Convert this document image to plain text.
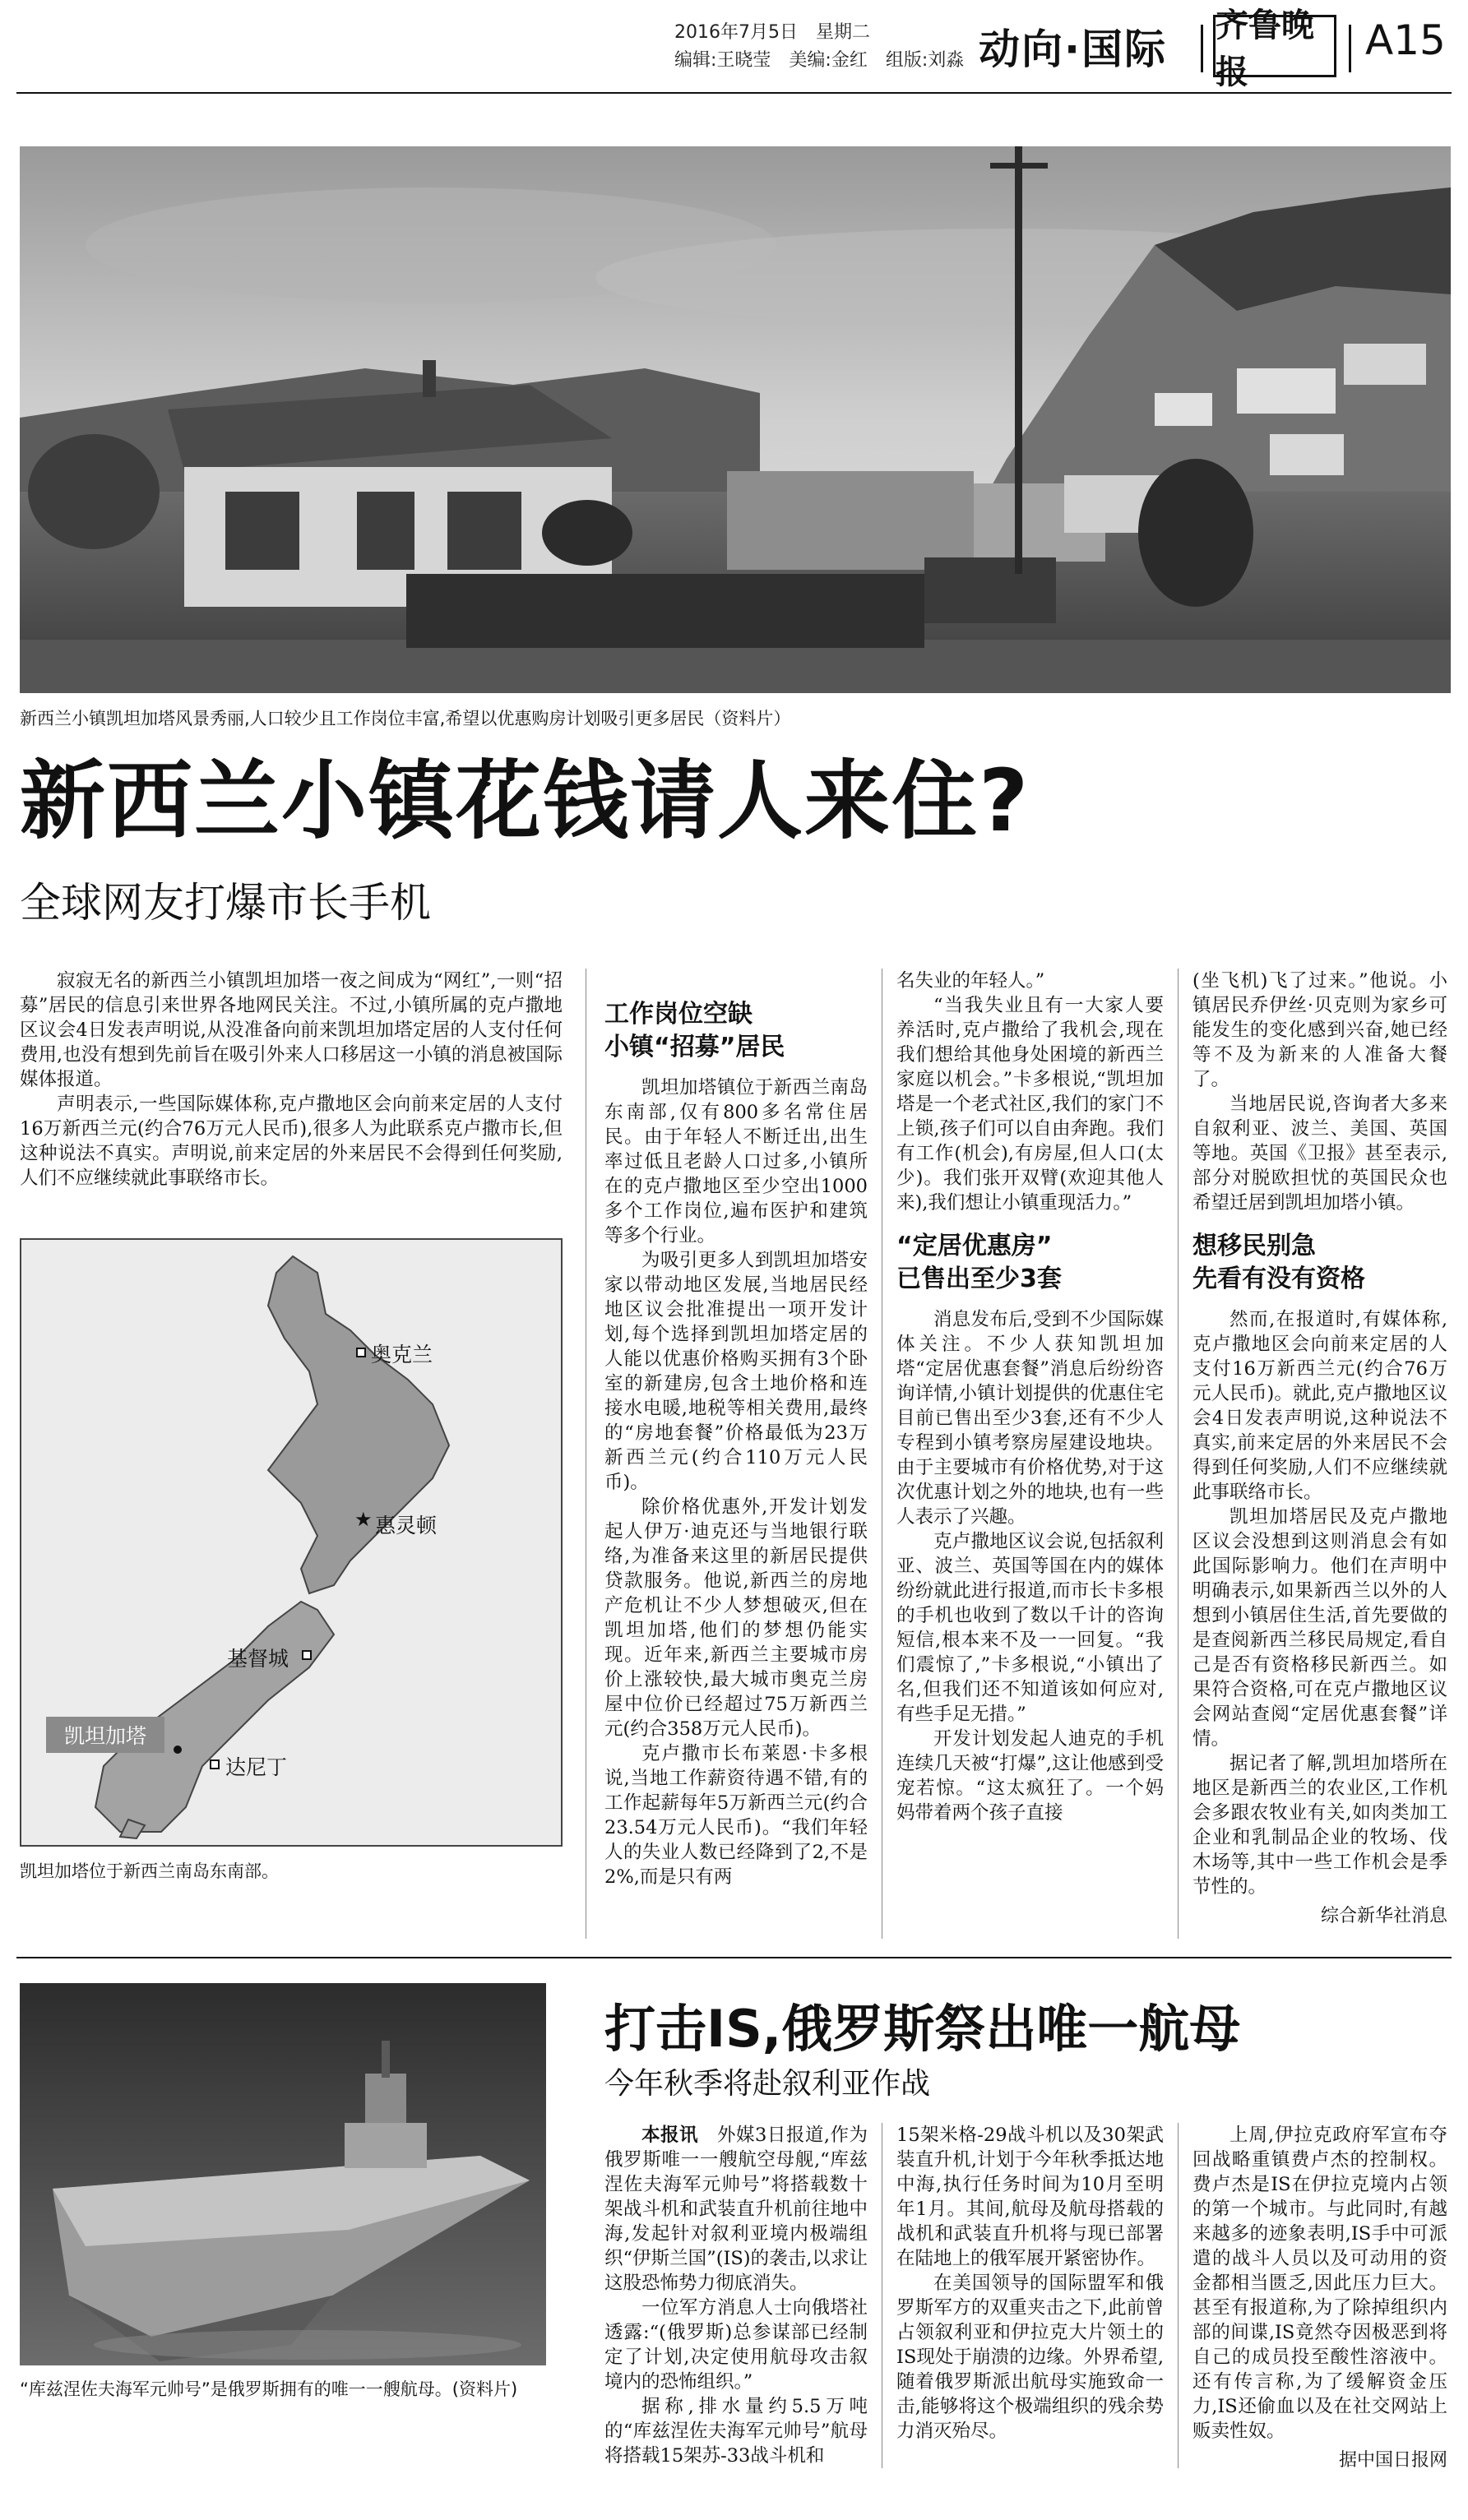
2016年7月5日　星期二
编辑:王晓莹　美编:金红　组版:刘淼 动向·国际
齐鲁晚报
A15
新西兰小镇凯坦加塔风景秀丽,人口较少且工作岗位丰富,希望以优惠购房计划吸引更多居民（资料片）
新西兰小镇花钱请人来住?
全球网友打爆市长手机

寂寂无名的新西兰小镇凯坦加塔一夜之间成为“网红”,一则“招募”居民的信息引来世界各地网民关注。不过,小镇所属的克卢撒地区议会4日发表声明说,从没准备向前来凯坦加塔定居的人支付任何费用,也没有想到先前旨在吸引外来人口移居这一小镇的消息被国际媒体报道。

声明表示,一些国际媒体称,克卢撒地区会向前来定居的人支付16万新西兰元(约合76万元人民币),很多人为此联系克卢撒市长,但这种说法不真实。声明说,前来定居的外来居民不会得到任何奖励,人们不应继续就此事联络市长。

★
奥克兰
惠灵顿
基督城
达尼丁
凯坦加塔
凯坦加塔位于新西兰南岛东南部。
工作岗位空缺
小镇“招募”居民

凯坦加塔镇位于新西兰南岛东南部,仅有800多名常住居民。由于年轻人不断迁出,出生率过低且老龄人口过多,小镇所在的克卢撒地区至少空出1000多个工作岗位,遍布医护和建筑等多个行业。

为吸引更多人到凯坦加塔安家以带动地区发展,当地居民经地区议会批准提出一项开发计划,每个选择到凯坦加塔定居的人能以优惠价格购买拥有3个卧室的新建房,包含土地价格和连接水电暖,地税等相关费用,最终的“房地套餐”价格最低为23万新西兰元(约合110万元人民币)。

除价格优惠外,开发计划发起人伊万·迪克还与当地银行联络,为准备来这里的新居民提供贷款服务。他说,新西兰的房地产危机让不少人梦想破灭,但在凯坦加塔,他们的梦想仍能实现。近年来,新西兰主要城市房价上涨较快,最大城市奥克兰房屋中位价已经超过75万新西兰元(约合358万元人民币)。

克卢撒市长布莱恩·卡多根说,当地工作薪资待遇不错,有的工作起薪每年5万新西兰元(约合23.54万元人民币)。“我们年轻人的失业人数已经降到了2,不是2%,而是只有两

名失业的年轻人。”

“当我失业且有一大家人要养活时,克卢撒给了我机会,现在我们想给其他身处困境的新西兰家庭以机会。”卡多根说,“凯坦加塔是一个老式社区,我们的家门不上锁,孩子们可以自由奔跑。我们有工作(机会),有房屋,但人口(太少)。我们张开双臂(欢迎其他人来),我们想让小镇重现活力。”

“定居优惠房”
已售出至少3套

消息发布后,受到不少国际媒体关注。不少人获知凯坦加塔“定居优惠套餐”消息后纷纷咨询详情,小镇计划提供的优惠住宅目前已售出至少3套,还有不少人专程到小镇考察房屋建设地块。由于主要城市有价格优势,对于这次优惠计划之外的地块,也有一些人表示了兴趣。

克卢撒地区议会说,包括叙利亚、波兰、英国等国在内的媒体纷纷就此进行报道,而市长卡多根的手机也收到了数以千计的咨询短信,根本来不及一一回复。“我们震惊了,”卡多根说,“小镇出了名,但我们还不知道该如何应对,有些手足无措。”

开发计划发起人迪克的手机连续几天被“打爆”,这让他感到受宠若惊。“这太疯狂了。一个妈妈带着两个孩子直接

(坐飞机)飞了过来。”他说。小镇居民乔伊丝·贝克则为家乡可能发生的变化感到兴奋,她已经等不及为新来的人准备大餐了。

当地居民说,咨询者大多来自叙利亚、波兰、美国、英国等地。英国《卫报》甚至表示,部分对脱欧担忧的英国民众也希望迁居到凯坦加塔小镇。

想移民别急
先看有没有资格

然而,在报道时,有媒体称,克卢撒地区会向前来定居的人支付16万新西兰元(约合76万元人民币)。就此,克卢撒地区议会4日发表声明说,这种说法不真实,前来定居的外来居民不会得到任何奖励,人们不应继续就此事联络市长。

凯坦加塔居民及克卢撒地区议会没想到这则消息会有如此国际影响力。他们在声明中明确表示,如果新西兰以外的人想到小镇居住生活,首先要做的是查阅新西兰移民局规定,看自己是否有资格移民新西兰。如果符合资格,可在克卢撒地区议会网站查阅“定居优惠套餐”详情。

据记者了解,凯坦加塔所在地区是新西兰的农业区,工作机会多跟农牧业有关,如肉类加工企业和乳制品企业的牧场、伐木场等,其中一些工作机会是季节性的。

综合新华社消息
“库兹涅佐夫海军元帅号”是俄罗斯拥有的唯一一艘航母。(资料片)
打击IS,俄罗斯祭出唯一航母
今年秋季将赴叙利亚作战

本报讯　 外媒3日报道,作为俄罗斯唯一一艘航空母舰,“库兹涅佐夫海军元帅号”将搭载数十架战斗机和武装直升机前往地中海,发起针对叙利亚境内极端组织“伊斯兰国”(IS)的袭击,以求让这股恐怖势力彻底消失。

一位军方消息人士向俄塔社透露:“(俄罗斯)总参谋部已经制定了计划,决定使用航母攻击叙境内的恐怖组织。”

据称,排水量约5.5万吨的“库兹涅佐夫海军元帅号”航母将搭载15架苏-33战斗机和

15架米格-29战斗机以及30架武装直升机,计划于今年秋季抵达地中海,执行任务时间为10月至明年1月。其间,航母及航母搭载的战机和武装直升机将与现已部署在陆地上的俄军展开紧密协作。

在美国领导的国际盟军和俄罗斯军方的双重夹击之下,此前曾占领叙利亚和伊拉克大片领土的IS现处于崩溃的边缘。外界希望,随着俄罗斯派出航母实施致命一击,能够将这个极端组织的残余势力消灭殆尽。

上周,伊拉克政府军宣布夺回战略重镇费卢杰的控制权。费卢杰是IS在伊拉克境内占领的第一个城市。与此同时,有越来越多的迹象表明,IS手中可派遣的战斗人员以及可动用的资金都相当匮乏,因此压力巨大。甚至有报道称,为了除掉组织内部的间谍,IS竟然夺因极恶到将自己的成员投至酸性溶液中。还有传言称,为了缓解资金压力,IS还偷血以及在社交网站上贩卖性奴。

据中国日报网
